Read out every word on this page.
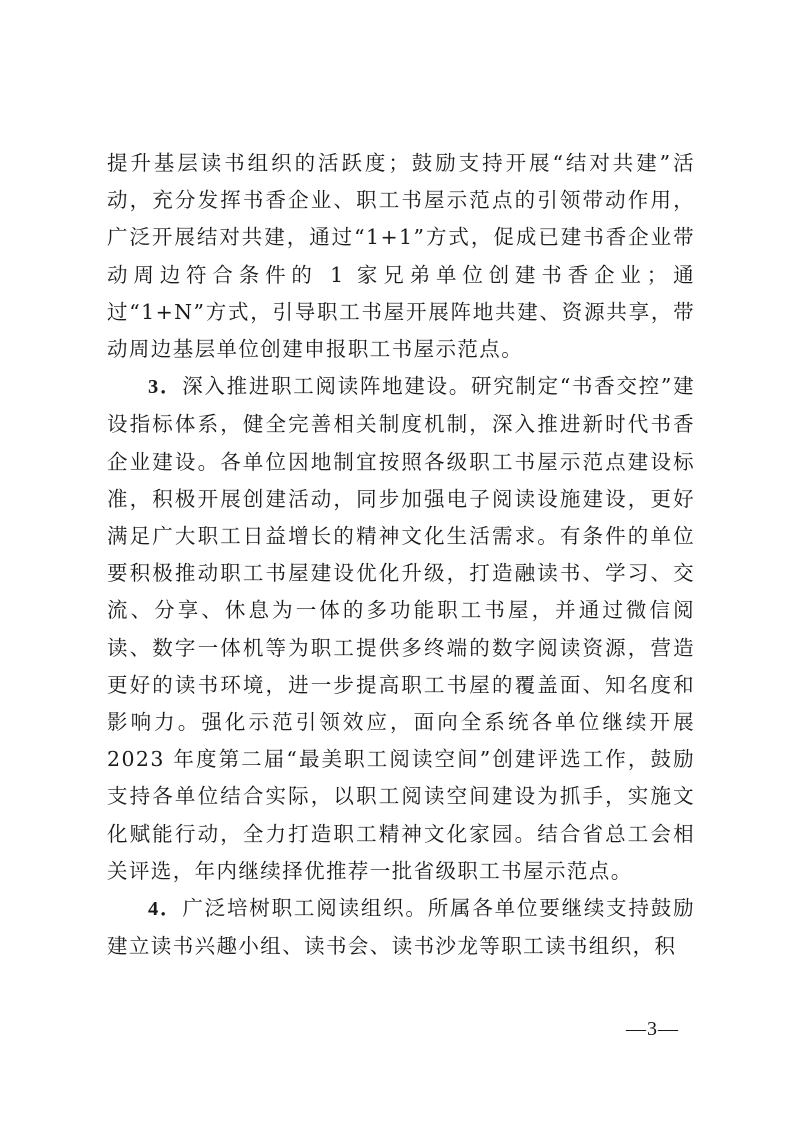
提升基层读书组织的活跃度；鼓励支持开展“结对共建”活动，充分发挥书香企业、职工书屋示范点的引领带动作用，广泛开展结对共建，通过“1+1”方式，促成已建书香企业带动周边符合条件的 1 家兄弟单位创建书香企业；通过“1+N”方式，引导职工书屋开展阵地共建、资源共享，带动周边基层单位创建申报职工书屋示范点。

3．深入推进职工阅读阵地建设。研究制定“书香交控”建设指标体系，健全完善相关制度机制，深入推进新时代书香企业建设。各单位因地制宜按照各级职工书屋示范点建设标准，积极开展创建活动，同步加强电子阅读设施建设，更好满足广大职工日益增长的精神文化生活需求。有条件的单位要积极推动职工书屋建设优化升级，打造融读书、学习、交流、分享、休息为一体的多功能职工书屋，并通过微信阅读、数字一体机等为职工提供多终端的数字阅读资源，营造更好的读书环境，进一步提高职工书屋的覆盖面、知名度和影响力。强化示范引领效应，面向全系统各单位继续开展 2023 年度第二届“最美职工阅读空间”创建评选工作，鼓励支持各单位结合实际，以职工阅读空间建设为抓手，实施文化赋能行动，全力打造职工精神文化家园。结合省总工会相关评选，年内继续择优推荐一批省级职工书屋示范点。

4．广泛培树职工阅读组织。所属各单位要继续支持鼓励建立读书兴趣小组、读书会、读书沙龙等职工读书组织，积

—3—
